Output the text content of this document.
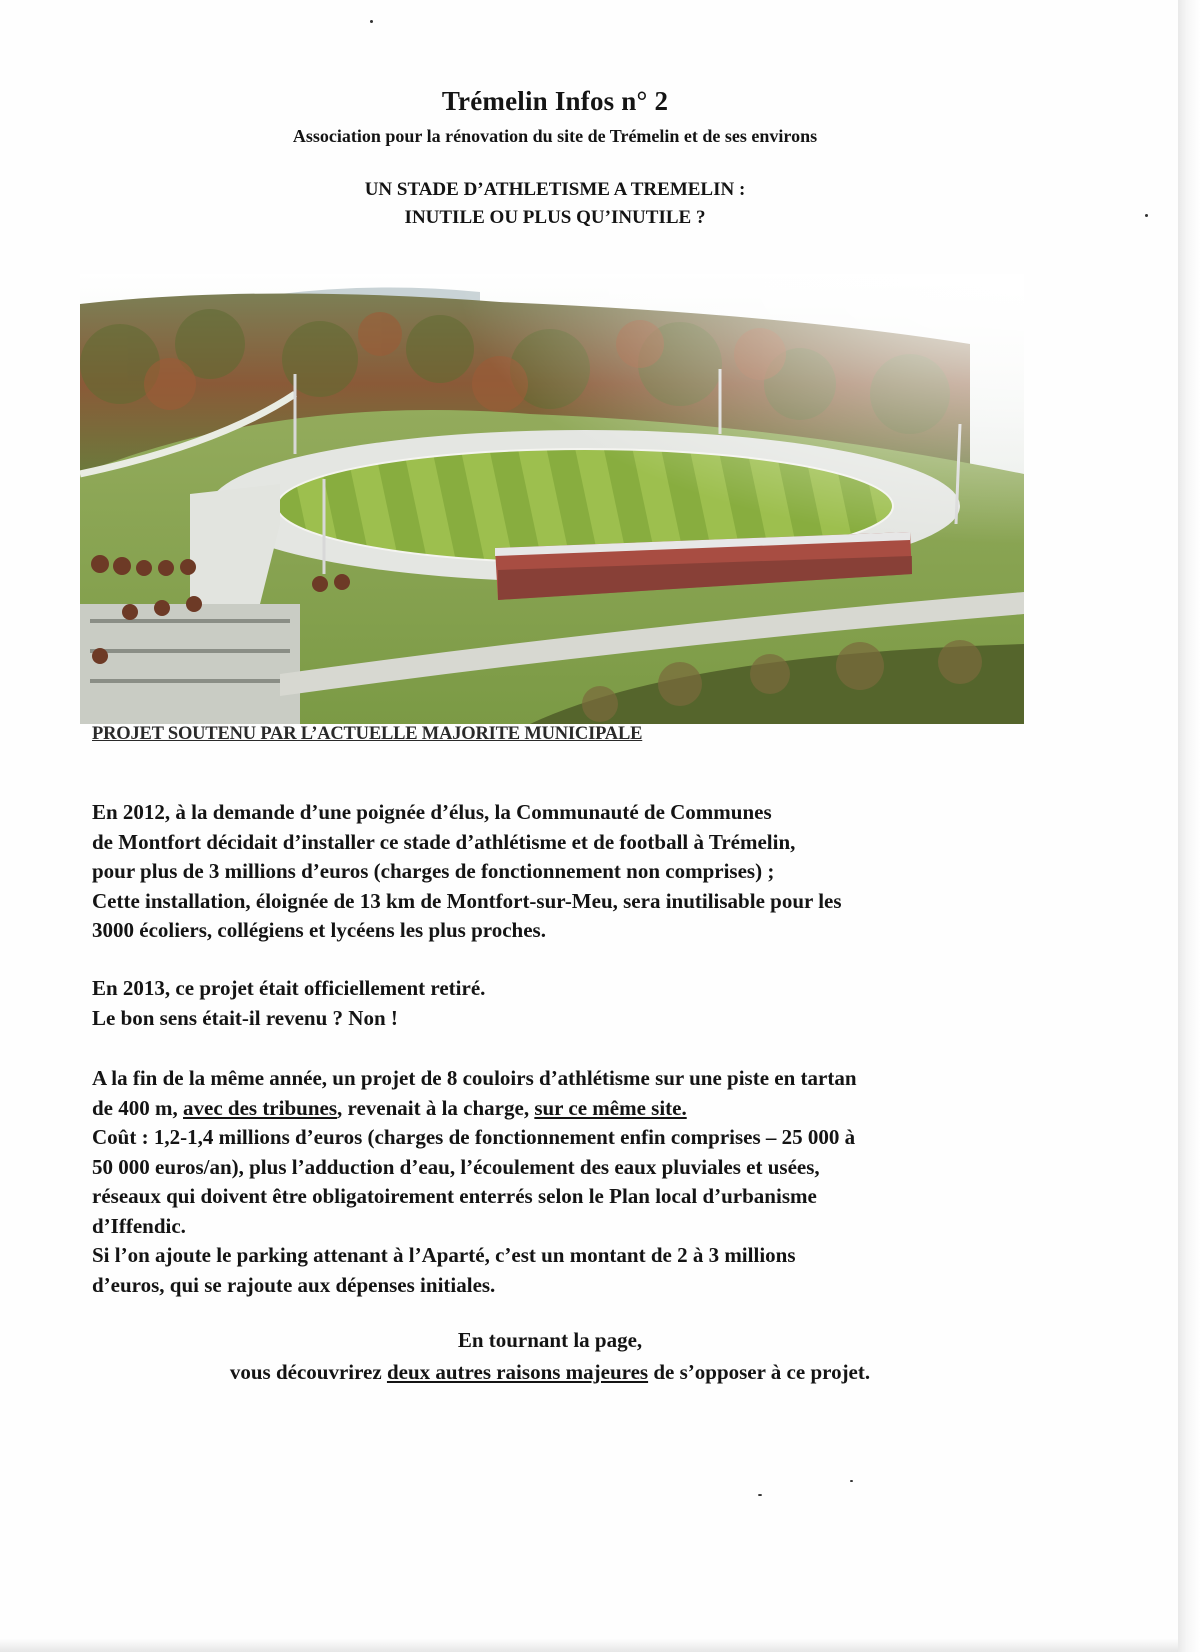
Trémelin Infos n° 2
Association pour la rénovation du site de Trémelin et de ses environs
UN STADE D’ATHLETISME A TREMELIN :
INUTILE OU PLUS QU’INUTILE ?
PROJET SOUTENU PAR L’ACTUELLE MAJORITE MUNICIPALE
En 2012, à la demande d’une poignée d’élus, la Communauté de Communes
de Montfort décidait d’installer ce stade d’athlétisme et de football à Trémelin,
pour plus de 3 millions d’euros (charges de fonctionnement non comprises) ;
Cette installation, éloignée de 13 km de Montfort-sur-Meu, sera inutilisable pour les
3000 écoliers, collégiens et lycéens les plus proches.
En 2013, ce projet était officiellement retiré.
Le bon sens était-il revenu ? Non !
A la fin de la même année, un projet de 8 couloirs d’athlétisme sur une piste en tartan
de 400 m, avec des tribunes, revenait à la charge, sur ce même site.
Coût : 1,2-1,4 millions d’euros (charges de fonctionnement enfin comprises – 25 000 à
50 000 euros/an), plus l’adduction d’eau, l’écoulement des eaux pluviales et usées,
réseaux qui doivent être obligatoirement enterrés selon le Plan local d’urbanisme
d’Iffendic.
Si l’on ajoute le parking attenant à l’Aparté, c’est un montant de 2 à 3 millions
d’euros, qui se rajoute aux dépenses initiales.
En tournant la page,
vous découvrirez deux autres raisons majeures de s’opposer à ce projet.
